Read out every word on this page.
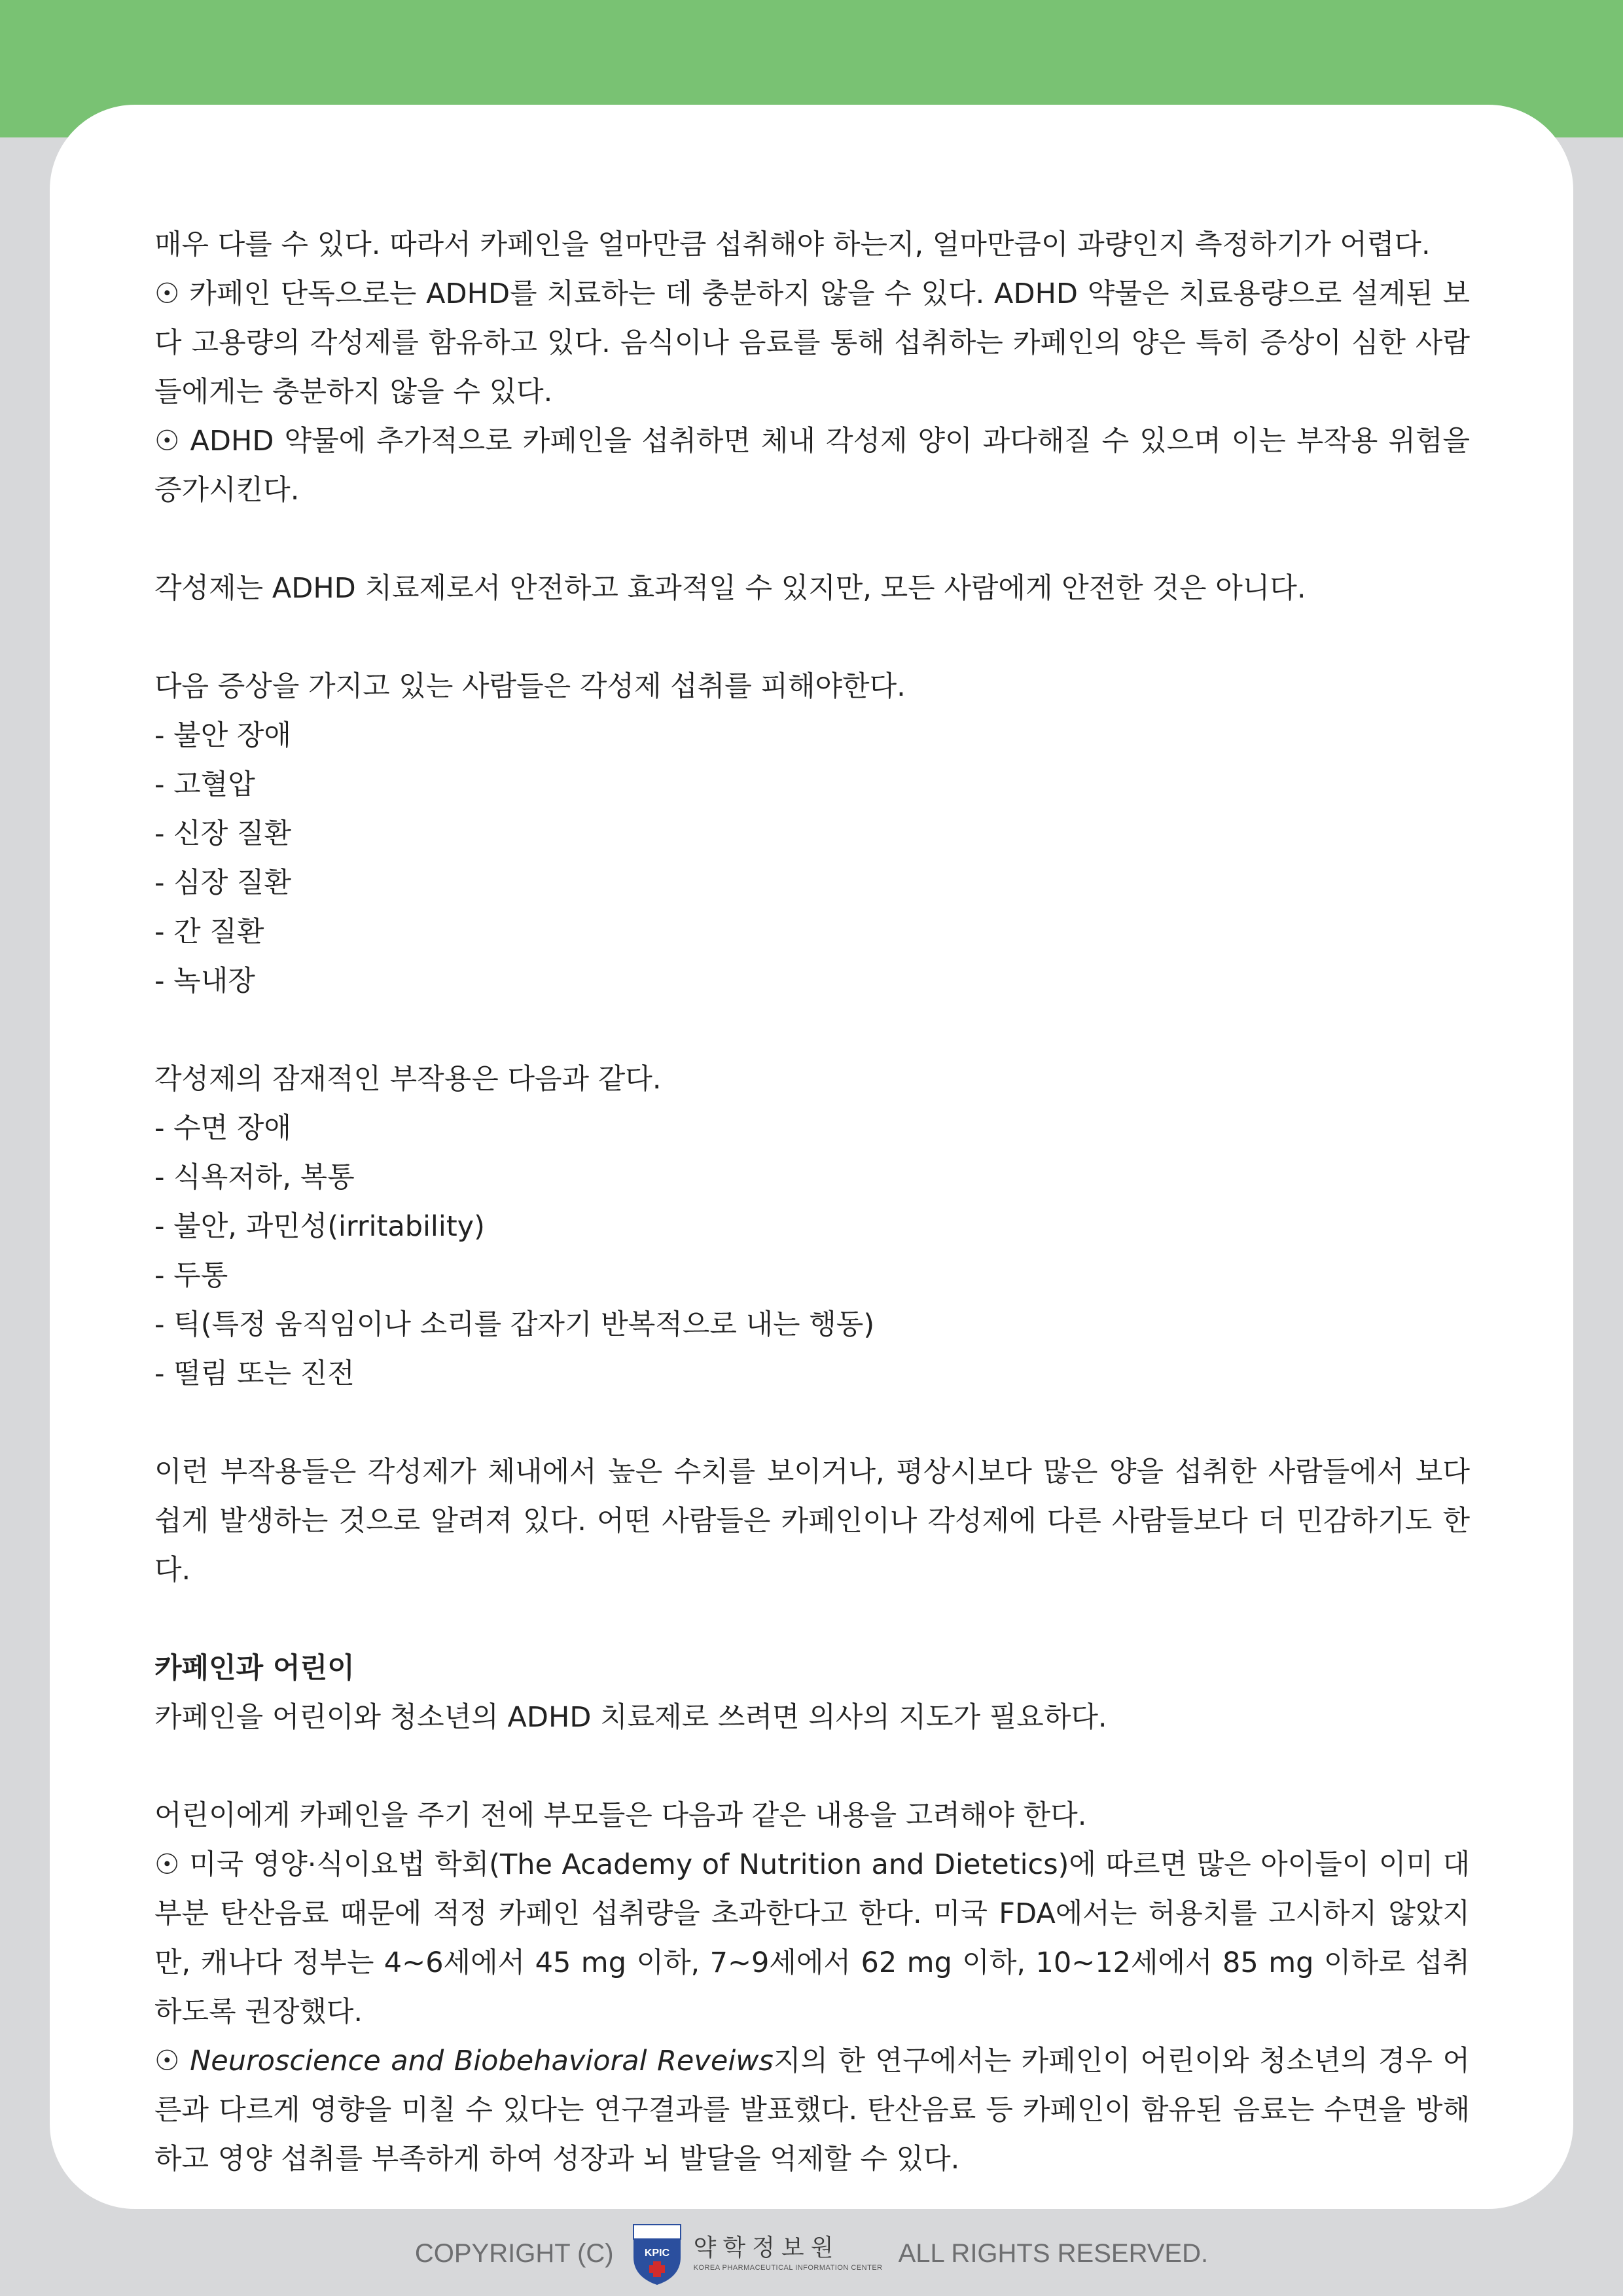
매우 다를 수 있다. 따라서 카페인을 얼마만큼 섭취해야 하는지, 얼마만큼이 과량인지 측정하기가 어렵다.

☉ 카페인 단독으로는 ADHD를 치료하는 데 충분하지 않을 수 있다. ADHD 약물은 치료용량으로 설계된 보다 고용량의 각성제를 함유하고 있다. 음식이나 음료를 통해 섭취하는 카페인의 양은 특히 증상이 심한 사람들에게는 충분하지 않을 수 있다.

☉ ADHD 약물에 추가적으로 카페인을 섭취하면 체내 각성제 양이 과다해질 수 있으며 이는 부작용 위험을 증가시킨다.

각성제는 ADHD 치료제로서 안전하고 효과적일 수 있지만, 모든 사람에게 안전한 것은 아니다.

다음 증상을 가지고 있는 사람들은 각성제 섭취를 피해야한다.

- 불안 장애

- 고혈압

- 신장 질환

- 심장 질환

- 간 질환

- 녹내장

각성제의 잠재적인 부작용은 다음과 같다.

- 수면 장애

- 식욕저하, 복통

- 불안, 과민성(irritability)

- 두통

- 틱(특정 움직임이나 소리를 갑자기 반복적으로 내는 행동)

- 떨림 또는 진전

이런 부작용들은 각성제가 체내에서 높은 수치를 보이거나, 평상시보다 많은 양을 섭취한 사람들에서 보다 쉽게 발생하는 것으로 알려져 있다. 어떤 사람들은 카페인이나 각성제에 다른 사람들보다 더 민감하기도 한다.

카페인과 어린이

카페인을 어린이와 청소년의 ADHD 치료제로 쓰려면 의사의 지도가 필요하다.

어린이에게 카페인을 주기 전에 부모들은 다음과 같은 내용을 고려해야 한다.

☉ 미국 영양·식이요법 학회(The Academy of Nutrition and Dietetics)에 따르면 많은 아이들이 이미 대부분 탄산음료 때문에 적정 카페인 섭취량을 초과한다고 한다. 미국 FDA에서는 허용치를 고시하지 않았지만, 캐나다 정부는 4~6세에서 45 mg 이하, 7~9세에서 62 mg 이하, 10~12세에서 85 mg 이하로 섭취하도록 권장했다.

☉ Neuroscience and Biobehavioral Reveiws지의 한 연구에서는 카페인이 어린이와 청소년의 경우 어른과 다르게 영향을 미칠 수 있다는 연구결과를 발표했다. 탄산음료 등 카페인이 함유된 음료는 수면을 방해하고 영양 섭취를 부족하게 하여 성장과 뇌 발달을 억제할 수 있다.

COPYRIGHT (C)	KPIC 약학정보원
KOREA PHARMACEUTICAL INFORMATION CENTER
ALL RIGHTS RESERVED.
